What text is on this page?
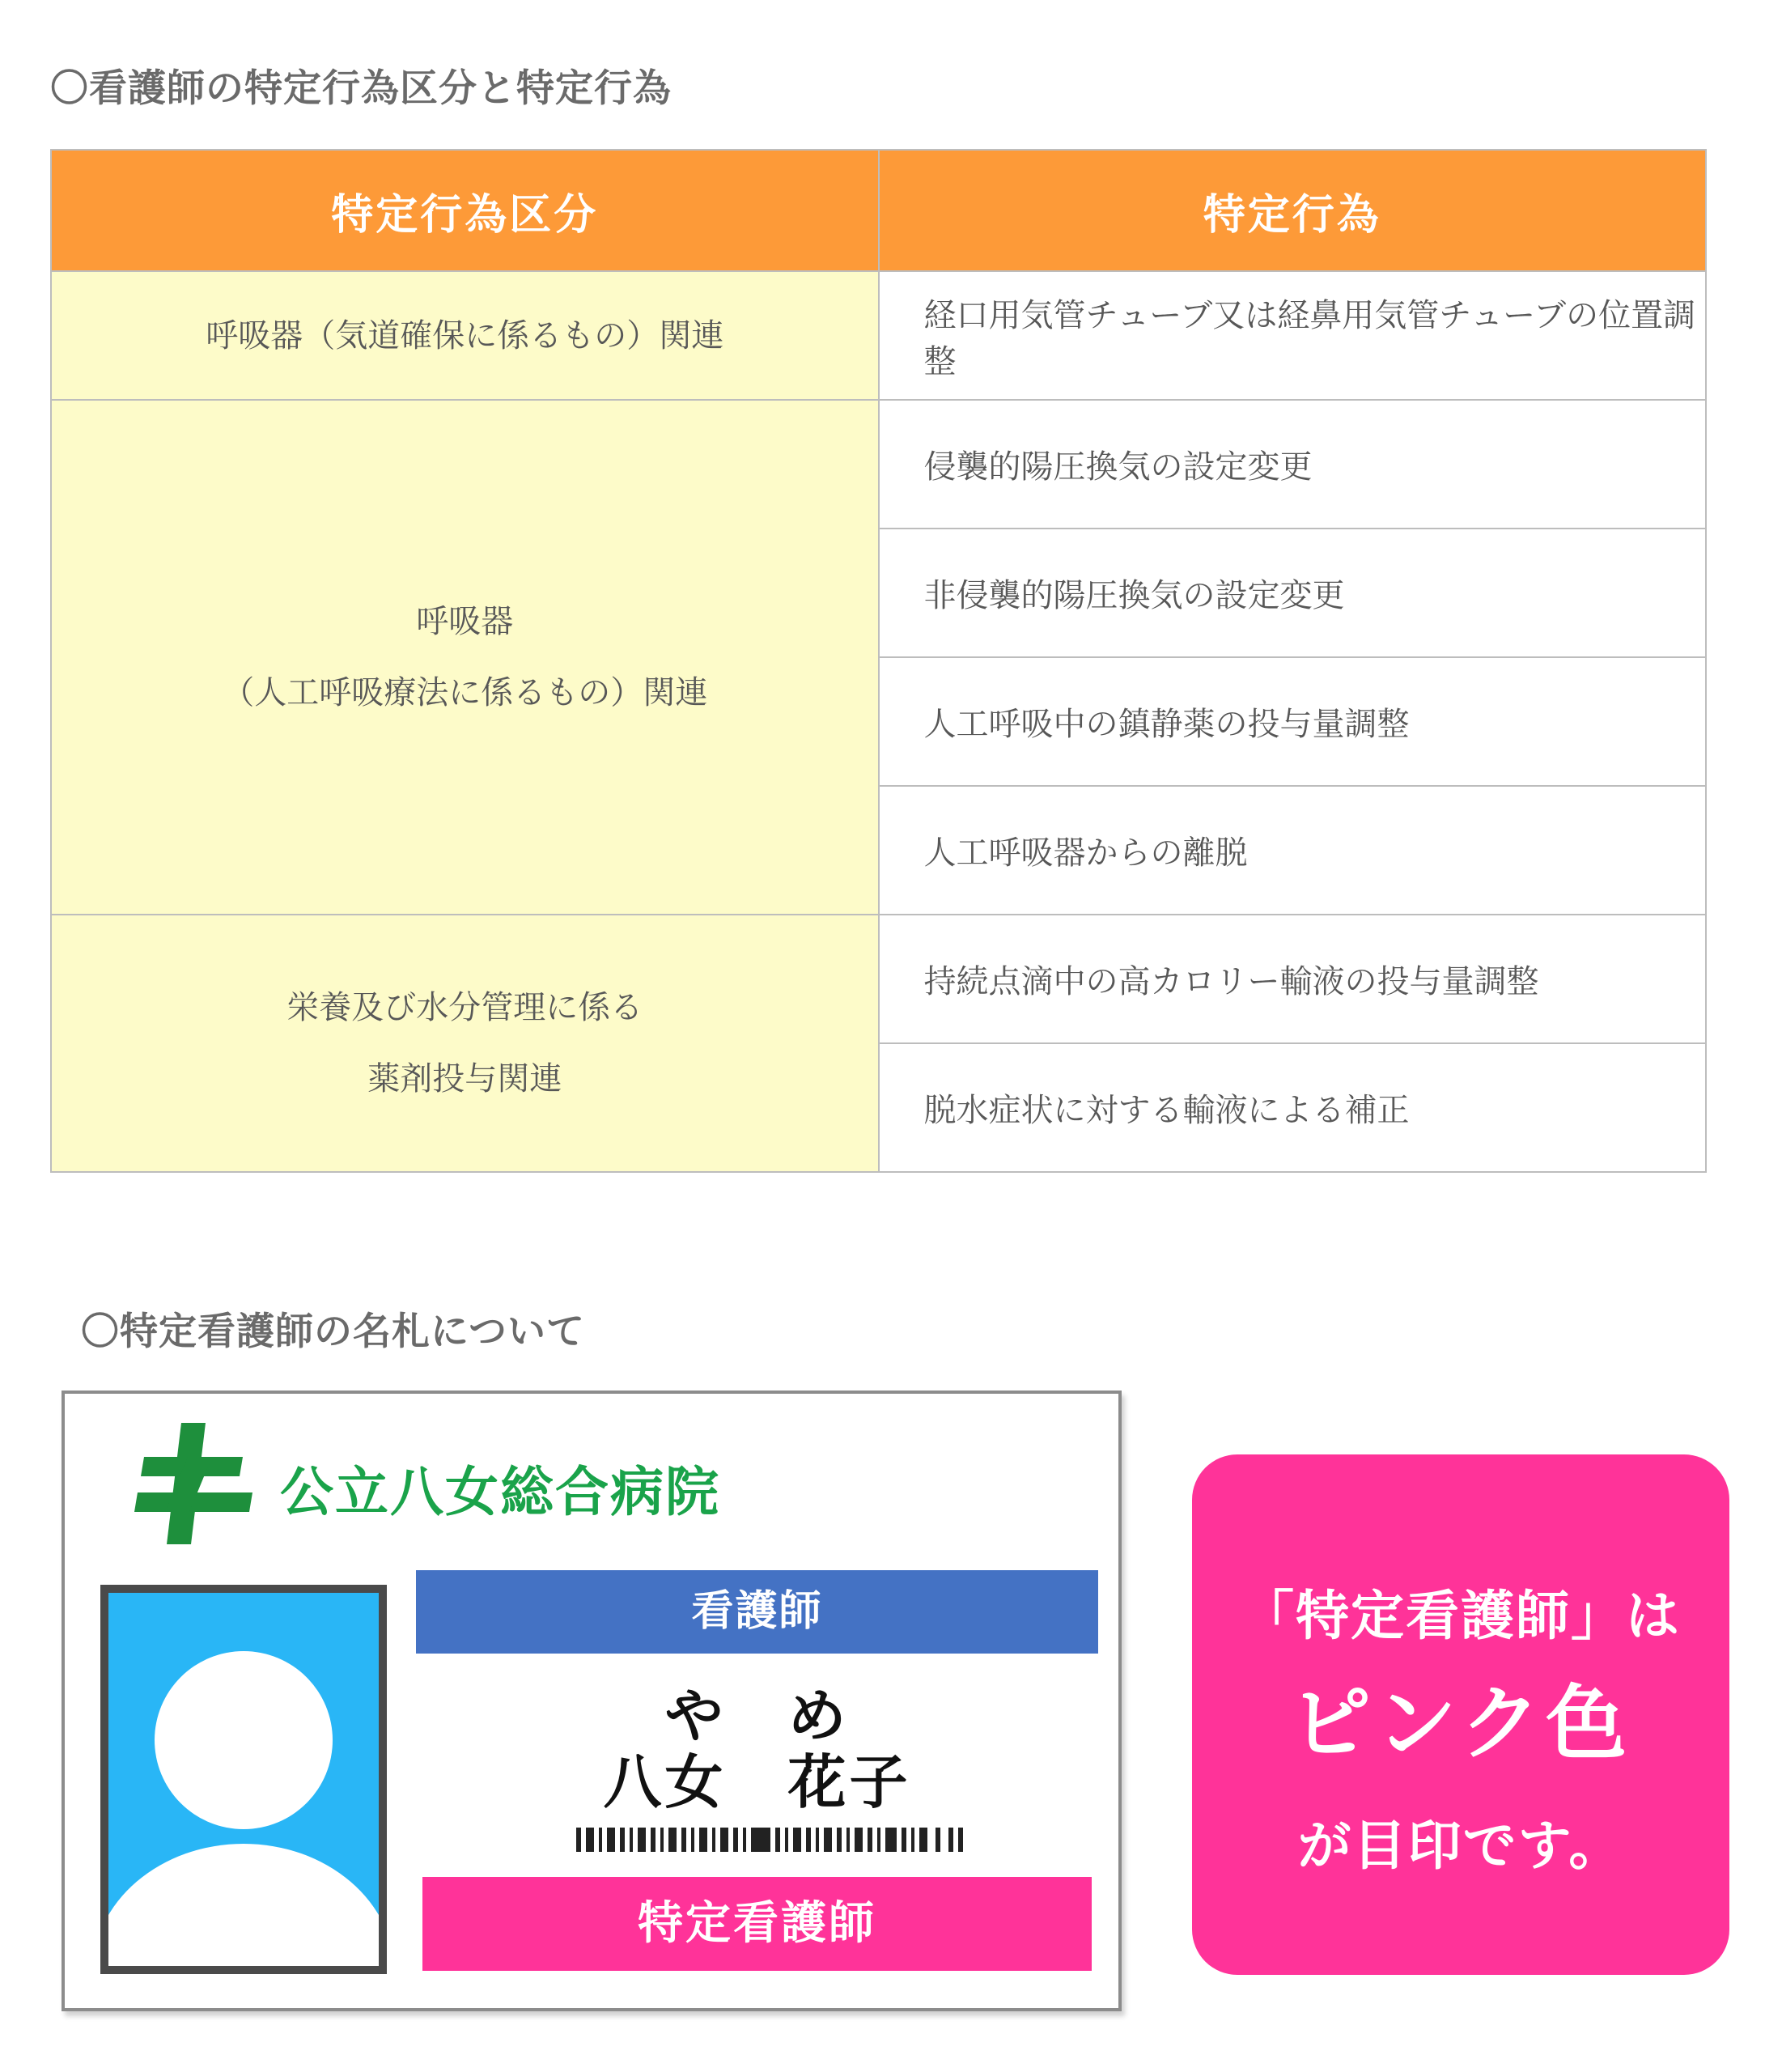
〇看護師の特定行為区分と特定行為
特定行為区分	特定行為

呼吸器（気道確保に係るもの）関連	経口用気管チューブ又は経鼻用気管チューブの位置調整

呼吸器
（人工呼吸療法に係るもの）関連	侵襲的陽圧換気の設定変更
	非侵襲的陽圧換気の設定変更
	人工呼吸中の鎮静薬の投与量調整
	人工呼吸器からの離脱

栄養及び水分管理に係る
薬剤投与関連	持続点滴中の高カロリー輸液の投与量調整
	脱水症状に対する輸液による補正
〇特定看護師の名札について
公立八女総合病院
看護師
や　め
八女　花子
特定看護師
「特定看護師」は
ピンク色
が目印です。
